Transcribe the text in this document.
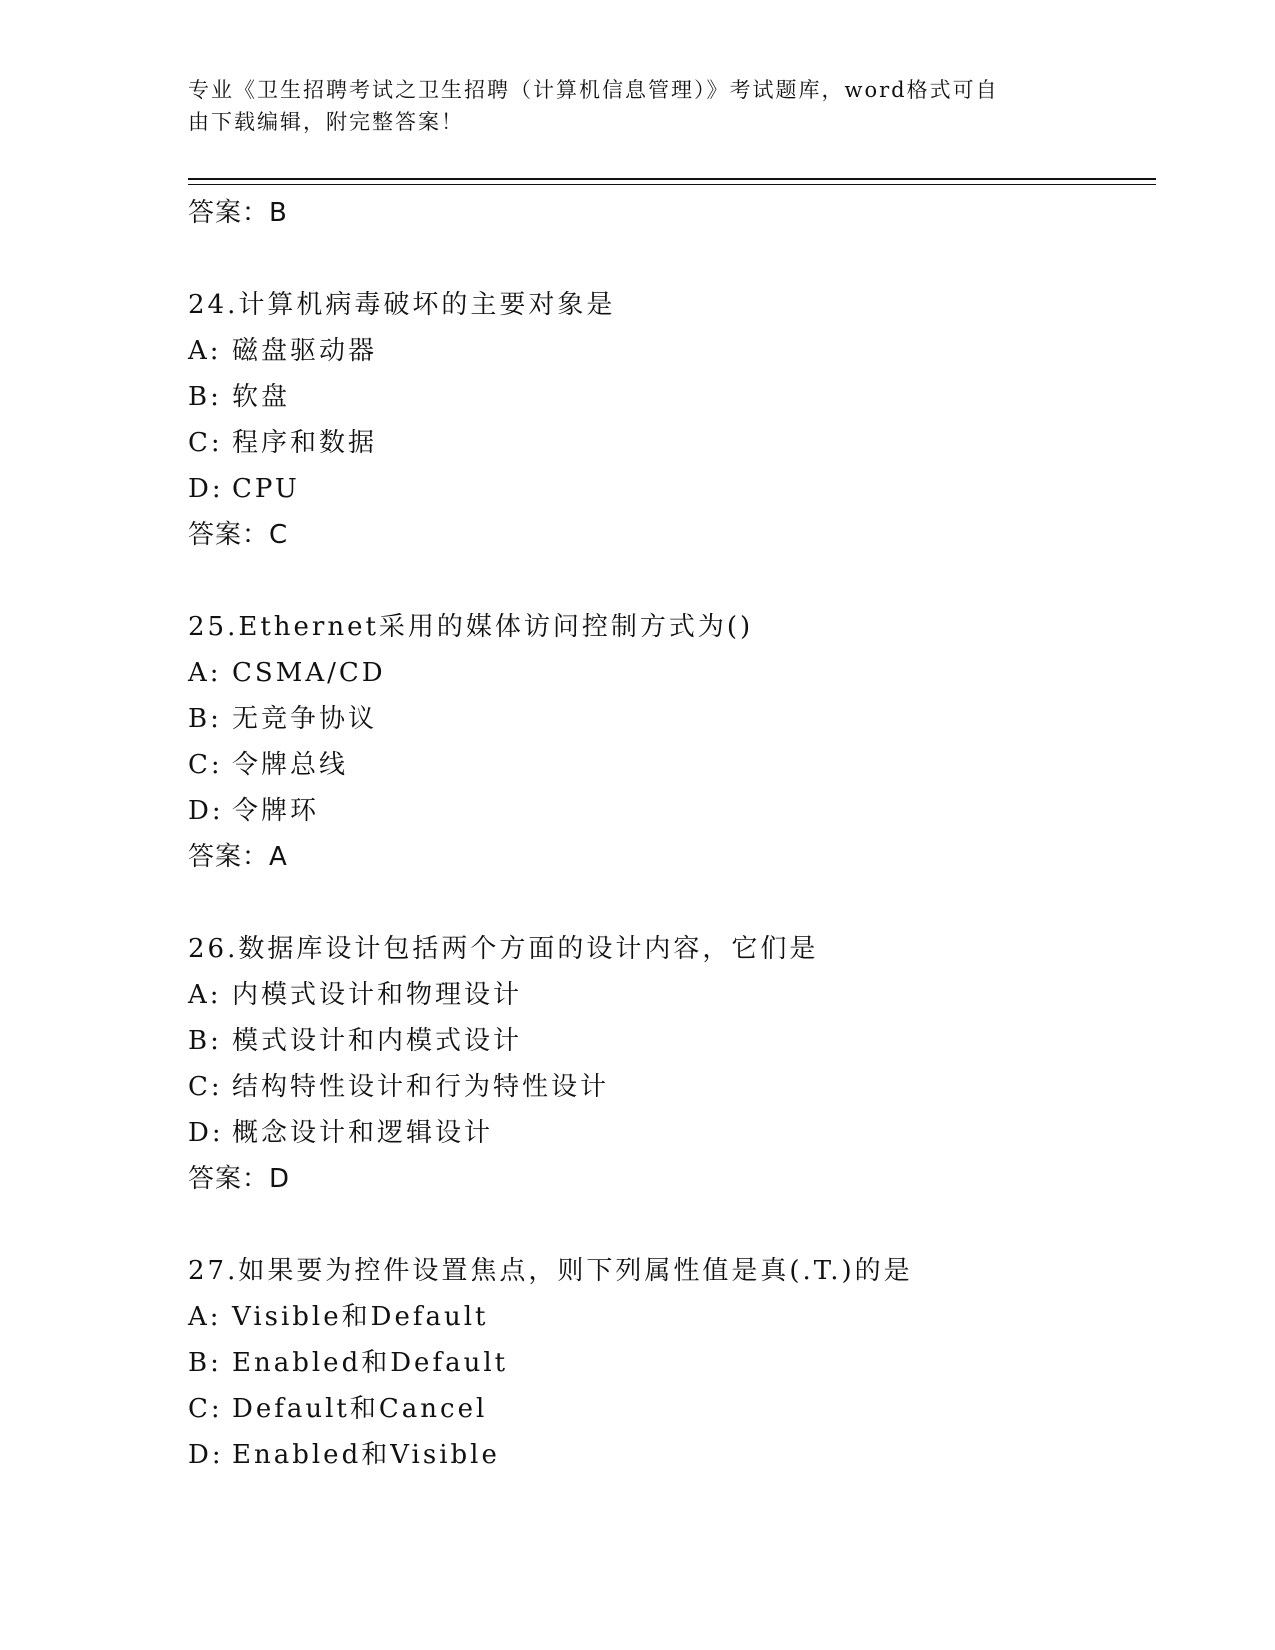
专业《卫生招聘考试之卫生招聘（计算机信息管理）》考试题库，word格式可自
由下载编辑，附完整答案！
答案：B
24.计算机病毒破坏的主要对象是
A: 磁盘驱动器
B: 软盘
C: 程序和数据
D: CPU
答案：C
25.Ethernet采用的媒体访问控制方式为()
A: CSMA/CD
B: 无竞争协议
C: 令牌总线
D: 令牌环
答案：A
26.数据库设计包括两个方面的设计内容，它们是
A: 内模式设计和物理设计
B: 模式设计和内模式设计
C: 结构特性设计和行为特性设计
D: 概念设计和逻辑设计
答案：D
27.如果要为控件设置焦点，则下列属性值是真(.T.)的是
A: Visible和Default
B: Enabled和Default
C: Default和Cancel
D: Enabled和Visible
